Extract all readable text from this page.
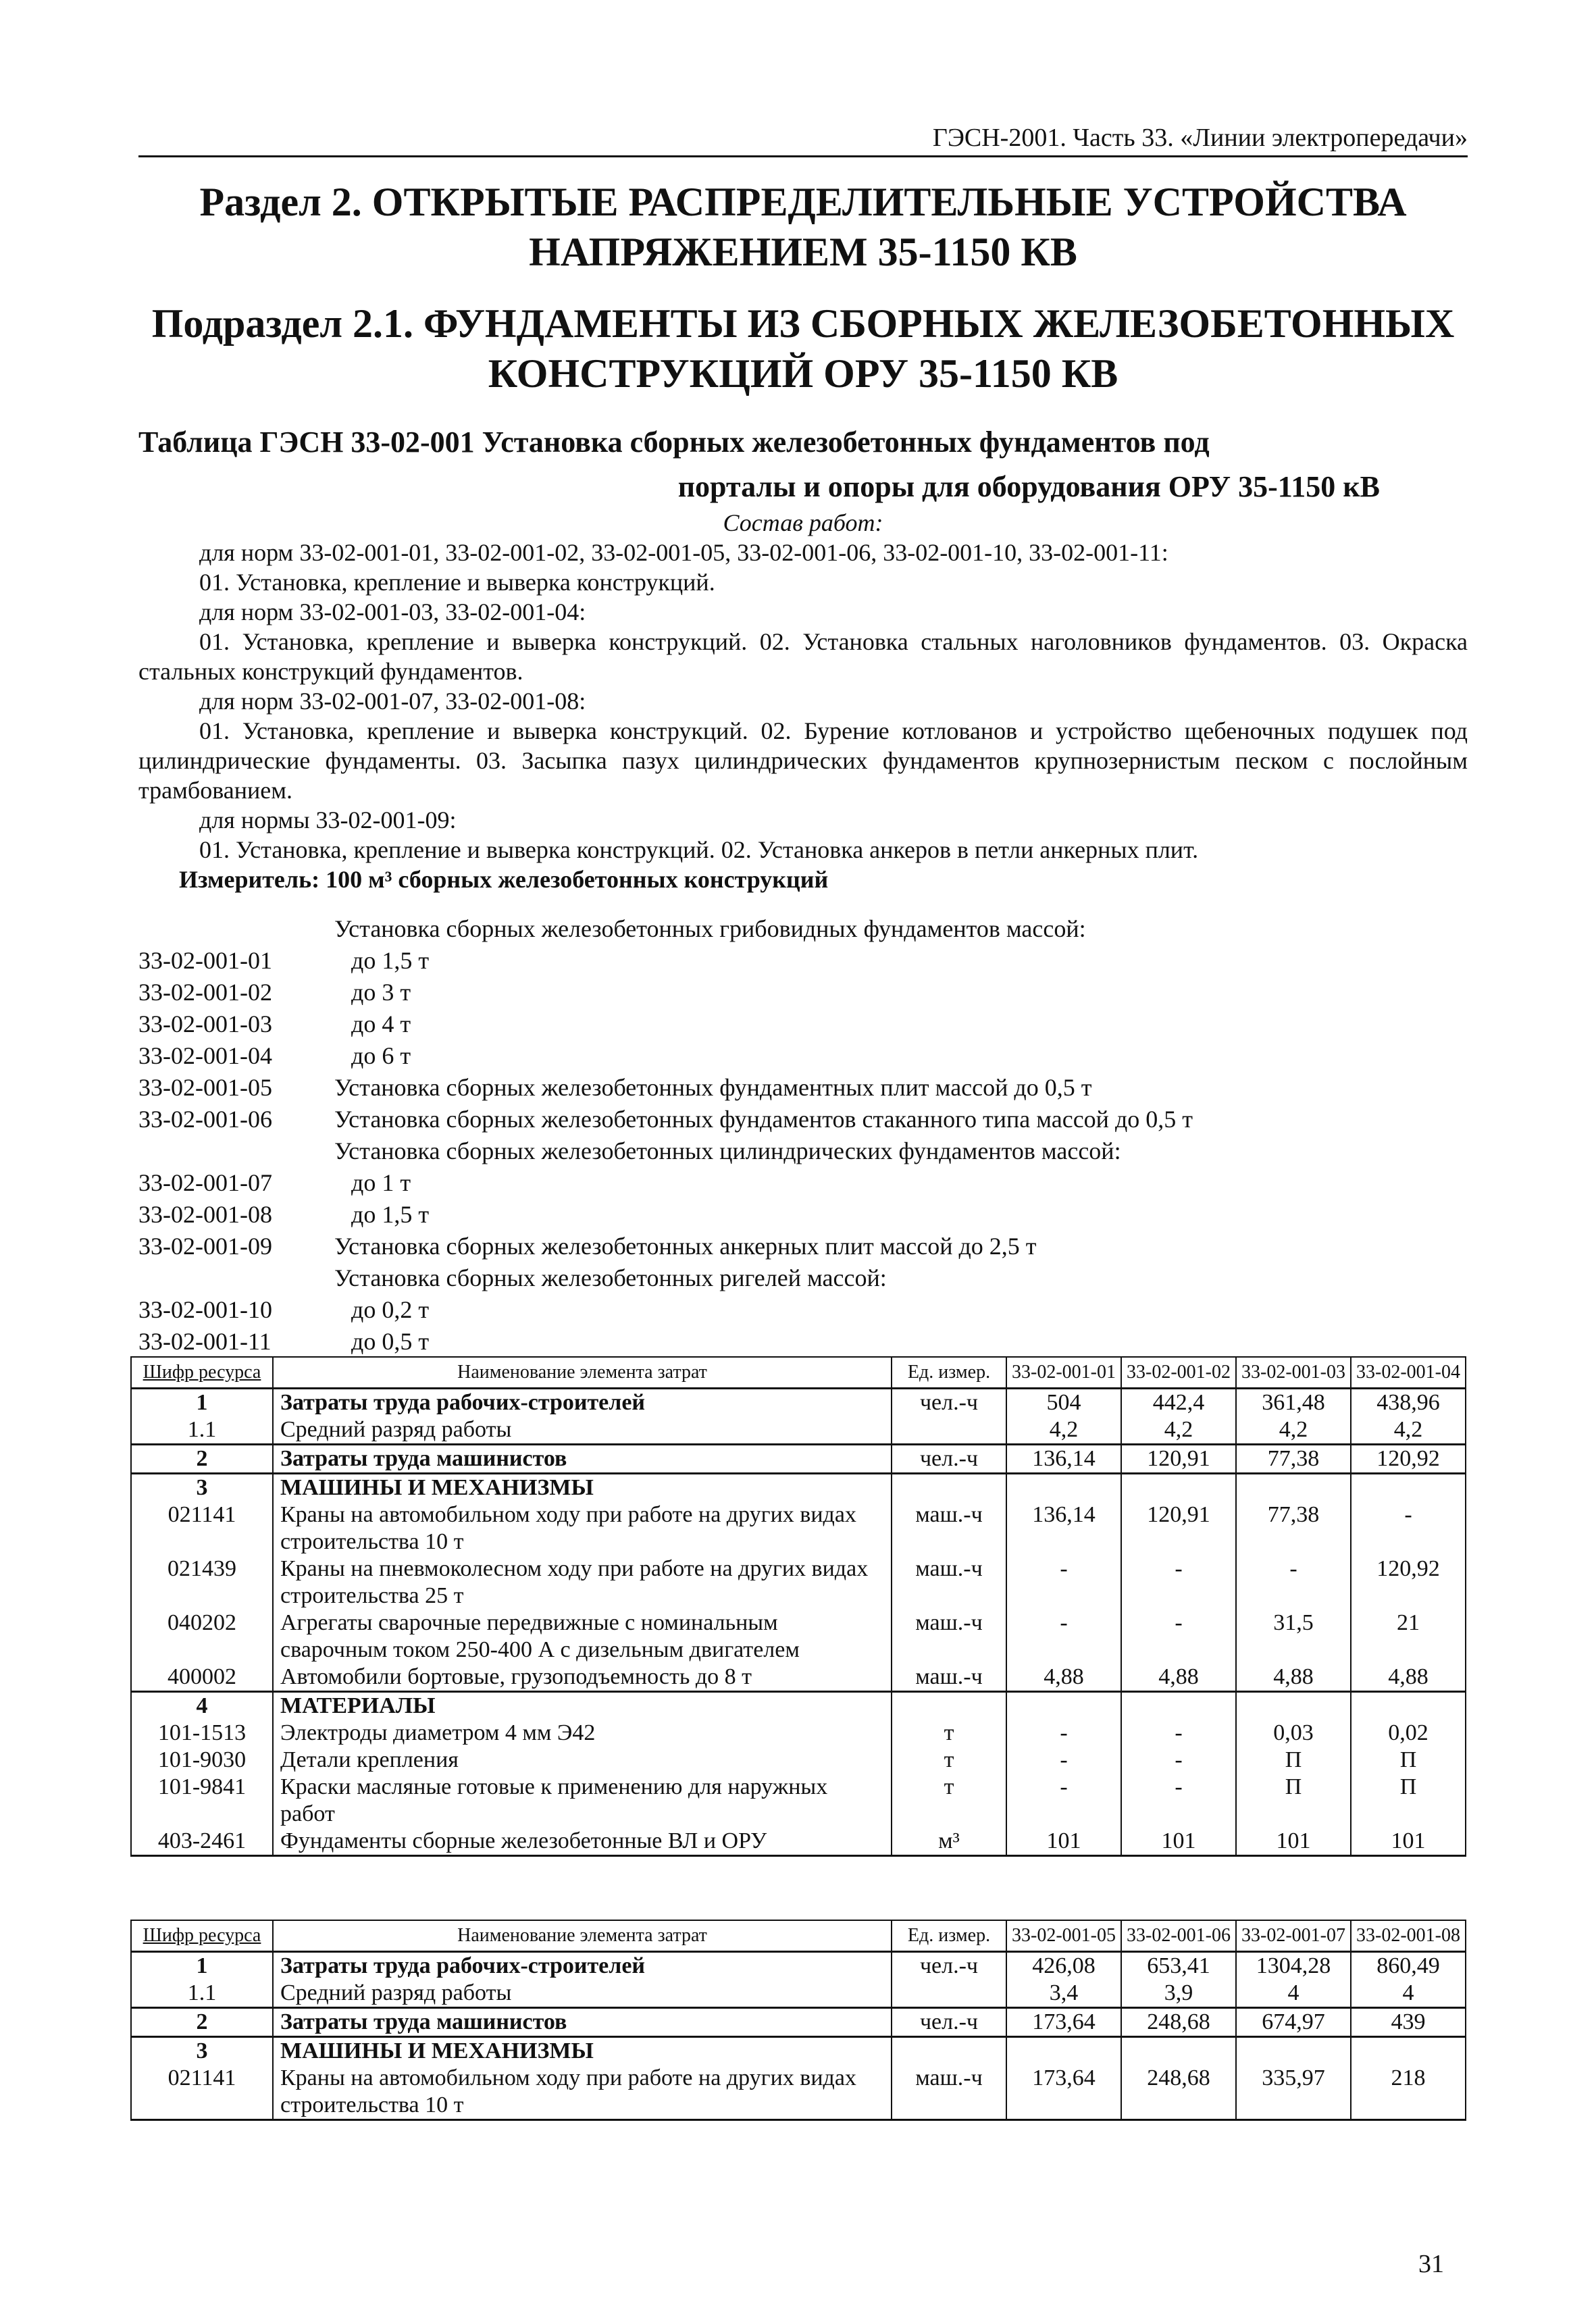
ГЭСН-2001. Часть 33. «Линии электропередачи»
Раздел 2. ОТКРЫТЫЕ РАСПРЕДЕЛИТЕЛЬНЫЕ УСТРОЙСТВА
НАПРЯЖЕНИЕМ 35-1150 КВ
Подраздел 2.1. ФУНДАМЕНТЫ ИЗ СБОРНЫХ ЖЕЛЕЗОБЕТОННЫХ
КОНСТРУКЦИЙ ОРУ 35-1150 КВ
Таблица ГЭСН 33-02-001 Установка сборных железобетонных фундаментов под
порталы и опоры для оборудования ОРУ 35-1150 кВ
Состав работ:
для норм 33-02-001-01, 33-02-001-02, 33-02-001-05, 33-02-001-06, 33-02-001-10, 33-02-001-11:
01. Установка, крепление и выверка конструкций.
для норм 33-02-001-03, 33-02-001-04:
01. Установка, крепление и выверка конструкций. 02. Установка стальных наголовников фундаментов. 03. Окраска стальных конструкций фундаментов.
для норм 33-02-001-07, 33-02-001-08:
01. Установка, крепление и выверка конструкций. 02. Бурение котлованов и устройство щебеночных подушек под цилиндрические фундаменты. 03. Засыпка пазух цилиндрических фундаментов крупнозернистым песком с послойным трамбованием.
для нормы 33-02-001-09:
01. Установка, крепление и выверка конструкций. 02. Установка анкеров в петли анкерных плит.
Измеритель: 100 м³ сборных железобетонных конструкций
Установка сборных железобетонных грибовидных фундаментов массой:
33-02-001-01	до 1,5 т
33-02-001-02	до 3 т
33-02-001-03	до 4 т
33-02-001-04	до 6 т
33-02-001-05	Установка сборных железобетонных фундаментных плит массой до 0,5 т
33-02-001-06	Установка сборных железобетонных фундаментов стаканного типа массой до 0,5 т
Установка сборных железобетонных цилиндрических фундаментов массой:
33-02-001-07	до 1 т
33-02-001-08	до 1,5 т
33-02-001-09	Установка сборных железобетонных анкерных плит массой до 2,5 т
Установка сборных железобетонных ригелей массой:
33-02-001-10	до 0,2 т
33-02-001-11	до 0,5 т
Шифр ресурса	Наименование элемента затрат	Ед. измер.	33-02-001-01	33-02-001-02	33-02-001-03	33-02-001-04
1	Затраты труда рабочих-строителей	чел.-ч	504	442,4	361,48	438,96
1.1	Средний разряд работы		4,2	4,2	4,2	4,2
2	Затраты труда машинистов	чел.-ч	136,14	120,91	77,38	120,92
3	МАШИНЫ И МЕХАНИЗМЫ					
021141	Краны на автомобильном ходу при работе на других видах строительства 10 т	маш.-ч	136,14	120,91	77,38	-
021439	Краны на пневмоколесном ходу при работе на других видах строительства 25 т	маш.-ч	-	-	-	120,92
040202	Агрегаты сварочные передвижные с номинальным сварочным током 250-400 А с дизельным двигателем	маш.-ч	-	-	31,5	21
400002	Автомобили бортовые, грузоподъемность до 8 т	маш.-ч	4,88	4,88	4,88	4,88
4	МАТЕРИАЛЫ					
101-1513	Электроды диаметром 4 мм Э42	т	-	-	0,03	0,02
101-9030	Детали крепления	т	-	-	П	П
101-9841	Краски масляные готовые к применению для наружных работ	т	-	-	П	П
403-2461	Фундаменты сборные железобетонные ВЛ и ОРУ	м³	101	101	101	101
Шифр ресурса	Наименование элемента затрат	Ед. измер.	33-02-001-05	33-02-001-06	33-02-001-07	33-02-001-08
1	Затраты труда рабочих-строителей	чел.-ч	426,08	653,41	1304,28	860,49
1.1	Средний разряд работы		3,4	3,9	4	4
2	Затраты труда машинистов	чел.-ч	173,64	248,68	674,97	439
3	МАШИНЫ И МЕХАНИЗМЫ					
021141	Краны на автомобильном ходу при работе на других видах строительства 10 т	маш.-ч	173,64	248,68	335,97	218
31
